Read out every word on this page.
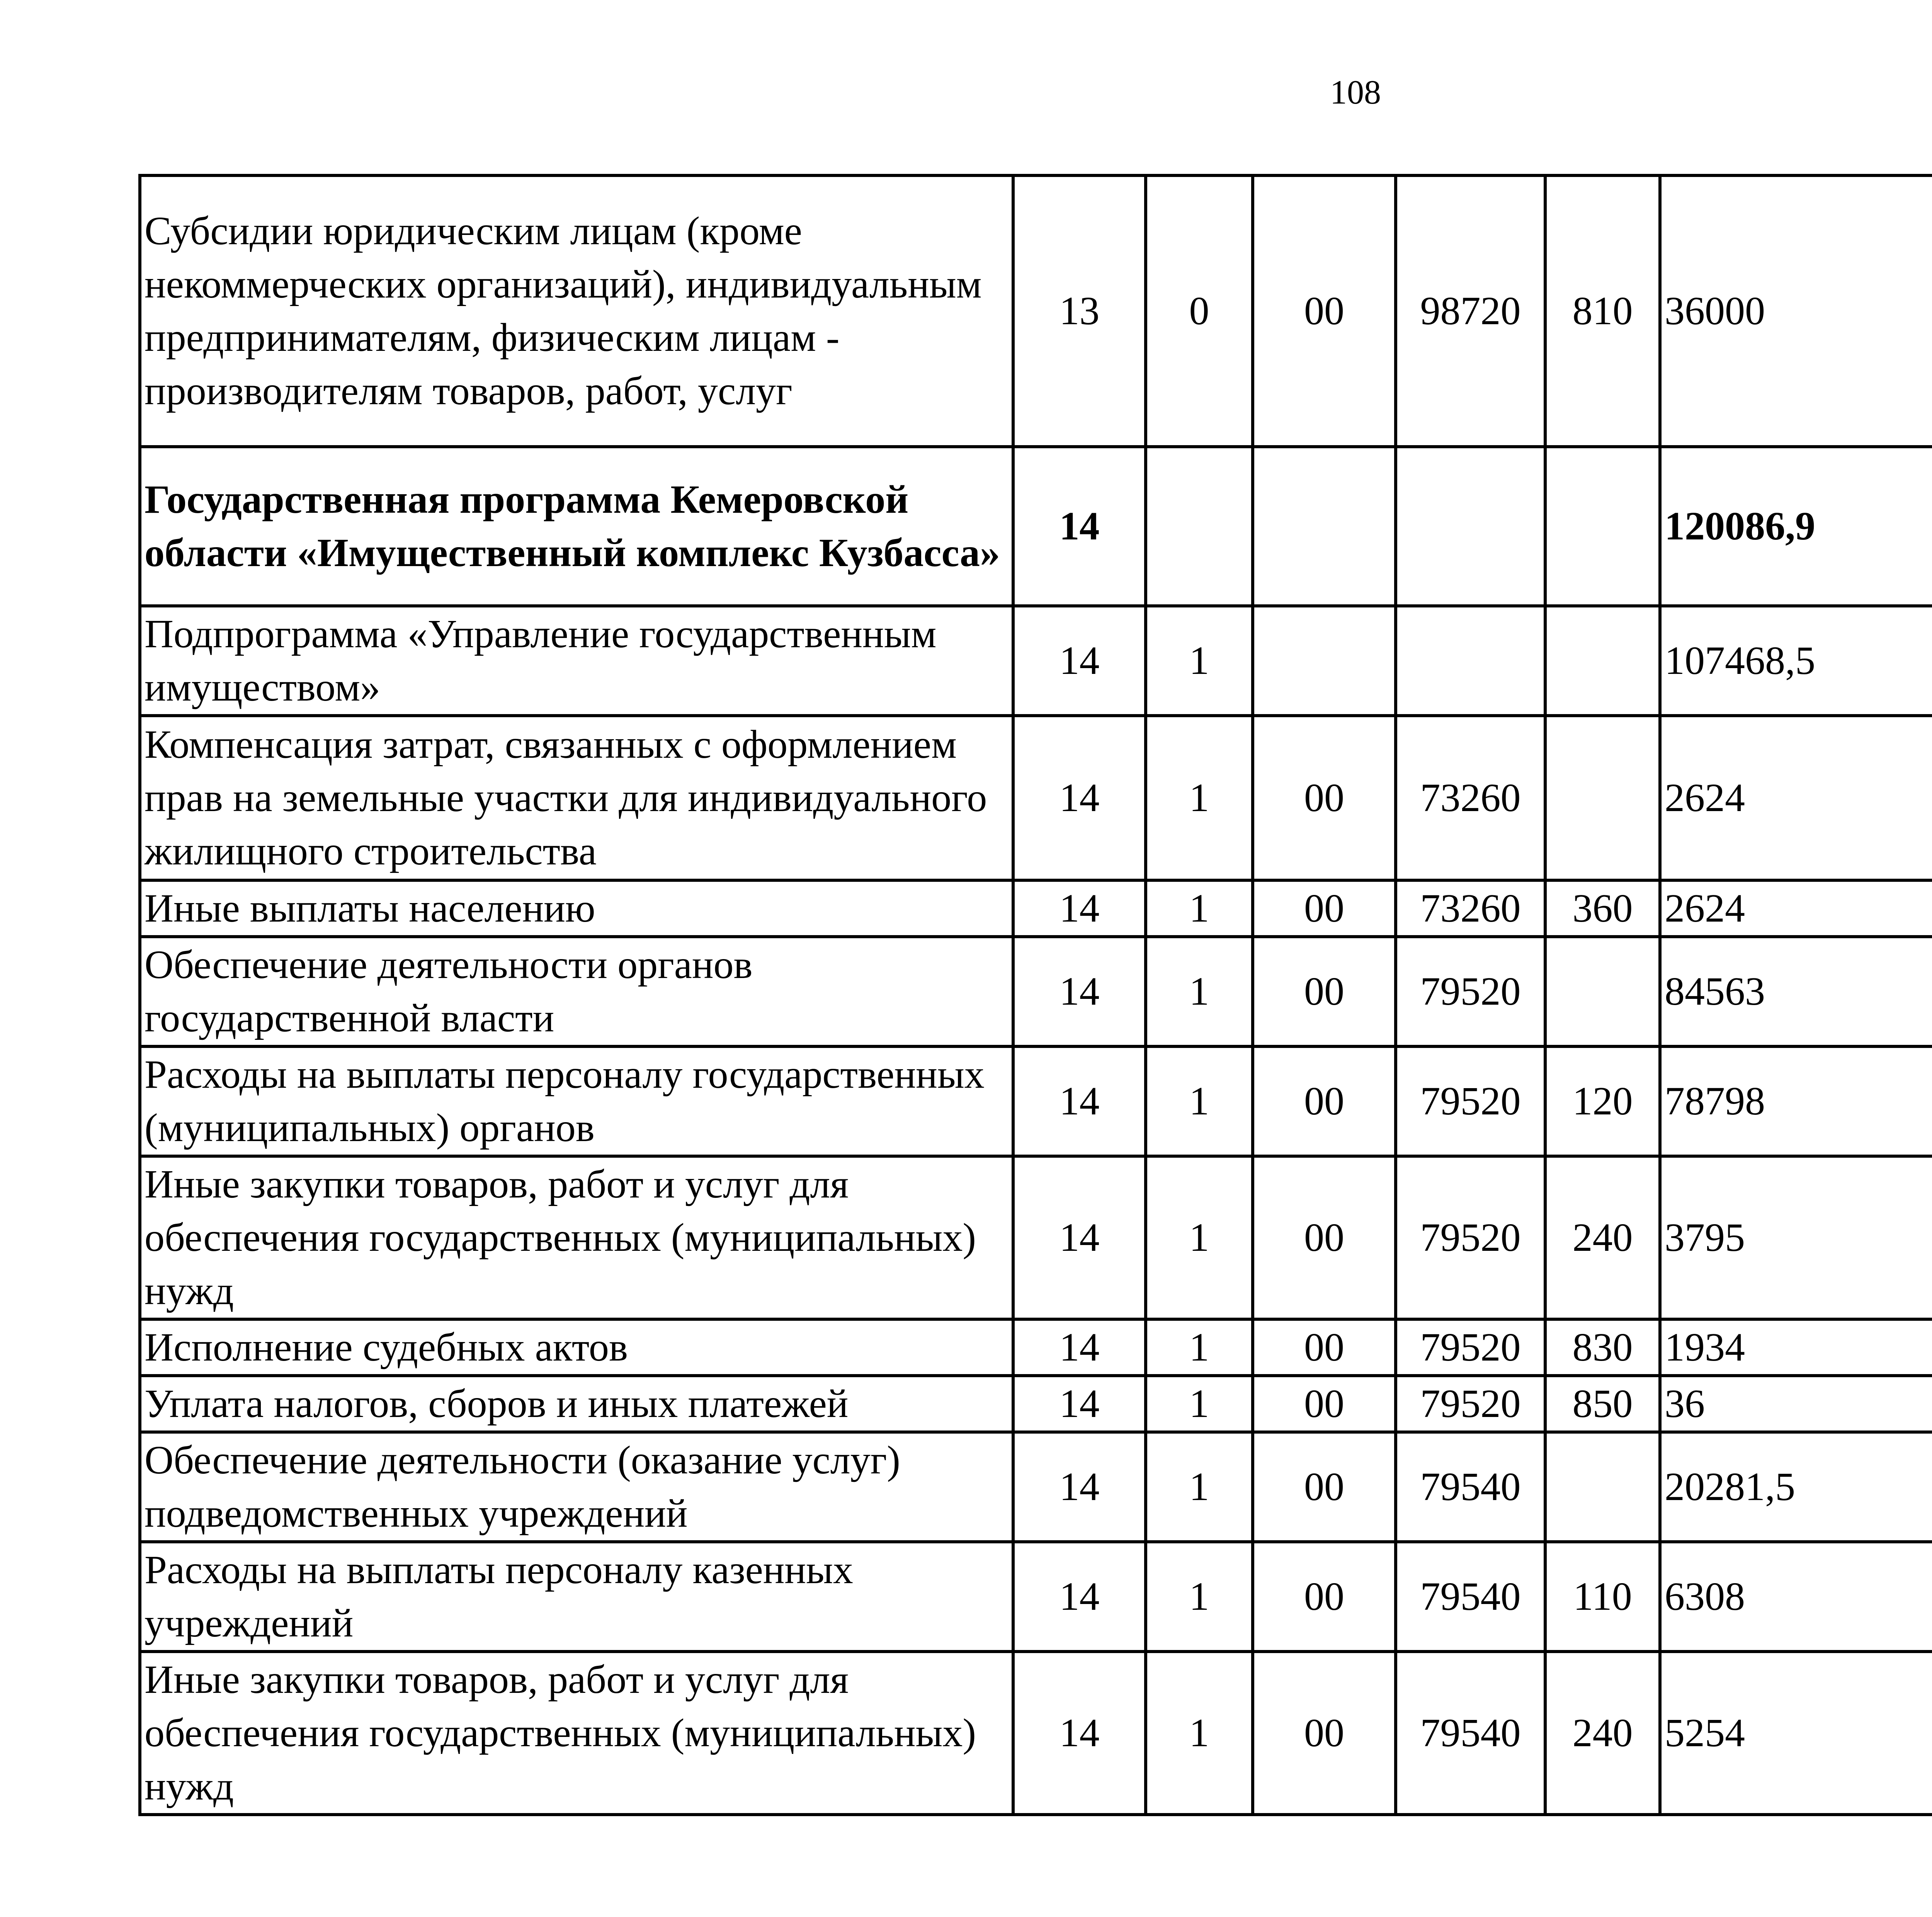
108
Субсидии юридическим лицам (кроме некоммерческих организаций), индивидуальным предпринимателям, физическим лицам - производителям товаров, работ, услуг	13	0	00	98720	810	36000		
Государственная программа Кемеровской области «Имущественный комплекс Кузбасса»	14					120086,9		
Подпрограмма «Управление государственным имуществом»	14	1				107468,5		
Компенсация затрат, связанных с оформлением прав на земельные участки для индивидуального жилищного строительства	14	1	00	73260		2624		
Иные выплаты населению	14	1	00	73260	360	2624		
Обеспечение деятельности органов государственной власти	14	1	00	79520		84563		
Расходы на выплаты персоналу государственных (муниципальных) органов	14	1	00	79520	120	78798		
Иные закупки товаров, работ и услуг для обеспечения государственных (муниципальных) нужд	14	1	00	79520	240	3795		
Исполнение судебных актов	14	1	00	79520	830	1934		
Уплата налогов, сборов и иных платежей	14	1	00	79520	850	36		
Обеспечение деятельности (оказание услуг) подведомственных учреждений	14	1	00	79540		20281,5		
Расходы на выплаты персоналу казенных учреждений	14	1	00	79540	110	6308		
Иные закупки товаров, работ и услуг для обеспечения государственных (муниципальных) нужд	14	1	00	79540	240	5254		
